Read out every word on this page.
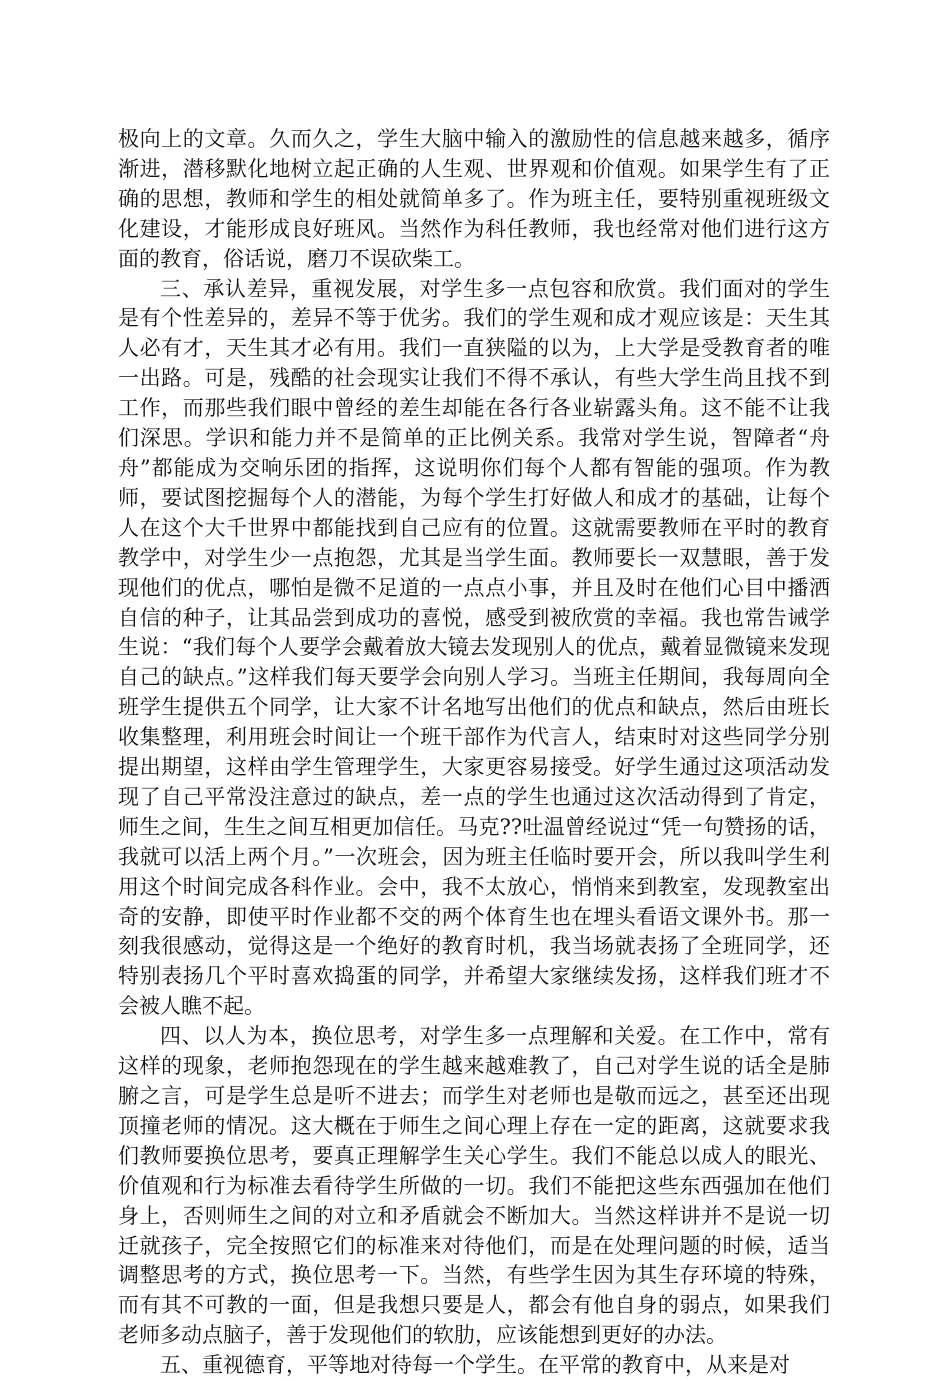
极向上的文章。久而久之，学生大脑中输入的激励性的信息越来越多，循序渐进，潜移默化地树立起正确的人生观、世界观和价值观。如果学生有了正确的思想，教师和学生的相处就简单多了。作为班主任，要特别重视班级文化建设，才能形成良好班风。当然作为科任教师，我也经常对他们进行这方面的教育，俗话说，磨刀不误砍柴工。

三、承认差异，重视发展，对学生多一点包容和欣赏。我们面对的学生是有个性差异的，差异不等于优劣。我们的学生观和成才观应该是：天生其人必有才，天生其才必有用。我们一直狭隘的以为，上大学是受教育者的唯一出路。可是，残酷的社会现实让我们不得不承认，有些大学生尚且找不到工作，而那些我们眼中曾经的差生却能在各行各业崭露头角。这不能不让我们深思。学识和能力并不是简单的正比例关系。我常对学生说，智障者“舟舟”都能成为交响乐团的指挥，这说明你们每个人都有智能的强项。作为教师，要试图挖掘每个人的潜能，为每个学生打好做人和成才的基础，让每个人在这个大千世界中都能找到自己应有的位置。这就需要教师在平时的教育教学中，对学生少一点抱怨，尤其是当学生面。教师要长一双慧眼，善于发现他们的优点，哪怕是微不足道的一点点小事，并且及时在他们心目中播洒自信的种子，让其品尝到成功的喜悦，感受到被欣赏的幸福。我也常告诫学生说：“我们每个人要学会戴着放大镜去发现别人的优点，戴着显微镜来发现自己的缺点。”这样我们每天要学会向别人学习。当班主任期间，我每周向全班学生提供五个同学，让大家不计名地写出他们的优点和缺点，然后由班长收集整理，利用班会时间让一个班干部作为代言人，结束时对这些同学分别提出期望，这样由学生管理学生，大家更容易接受。好学生通过这项活动发现了自己平常没注意过的缺点，差一点的学生也通过这次活动得到了肯定，师生之间，生生之间互相更加信任。马克??吐温曾经说过“凭一句赞扬的话，我就可以活上两个月。”一次班会，因为班主任临时要开会，所以我叫学生利用这个时间完成各科作业。会中，我不太放心，悄悄来到教室，发现教室出奇的安静，即使平时作业都不交的两个体育生也在埋头看语文课外书。那一刻我很感动，觉得这是一个绝好的教育时机，我当场就表扬了全班同学，还特别表扬几个平时喜欢捣蛋的同学，并希望大家继续发扬，这样我们班才不会被人瞧不起。

四、以人为本，换位思考，对学生多一点理解和关爱。在工作中，常有这样的现象，老师抱怨现在的学生越来越难教了，自己对学生说的话全是肺腑之言，可是学生总是听不进去；而学生对老师也是敬而远之，甚至还出现顶撞老师的情况。这大概在于师生之间心理上存在一定的距离，这就要求我们教师要换位思考，要真正理解学生关心学生。我们不能总以成人的眼光、价值观和行为标准去看待学生所做的一切。我们不能把这些东西强加在他们身上，否则师生之间的对立和矛盾就会不断加大。当然这样讲并不是说一切迁就孩子，完全按照它们的标准来对待他们，而是在处理问题的时候，适当调整思考的方式，换位思考一下。当然，有些学生因为其生存环境的特殊，而有其不可教的一面，但是我想只要是人，都会有他自身的弱点，如果我们老师多动点脑子，善于发现他们的软肋，应该能想到更好的办法。

五、重视德育，平等地对待每一个学生。在平常的教育中，从来是对
